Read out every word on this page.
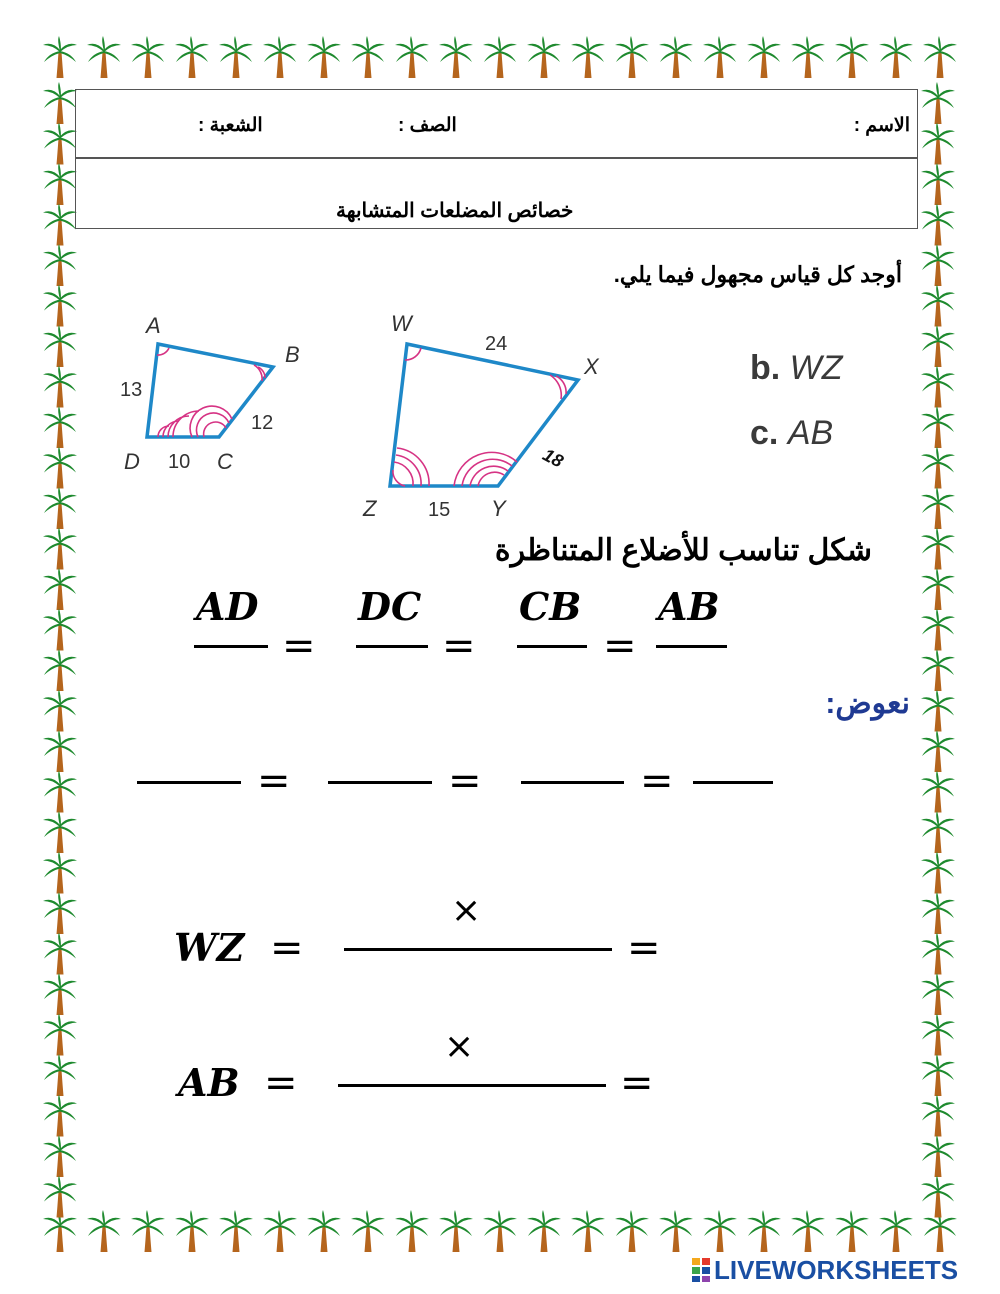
الاسم :
الصف :
الشعبة :
خصائص المضلعات المتشابهة
أوجد كل قياس مجهول فيما يلي.
A
B
C
D
13
10
12
W
X
Y
Z
24
18
15
b. WZ
c. AB
شكل تناسب للأضلاع المتناظرة
AD
=
DC
=
CB
=
AB
نعوض:
=	=	=
WZ =
×
=
AB =
×
=
LIVEWORKSHEETS
